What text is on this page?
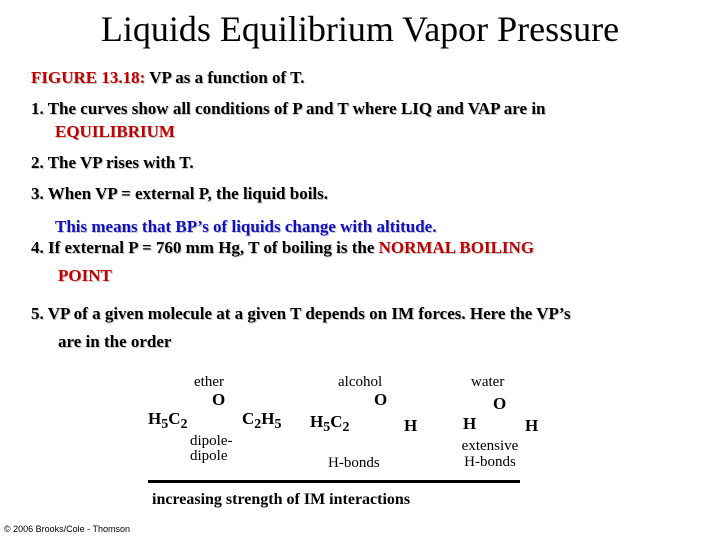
Liquids Equilibrium Vapor Pressure
FIGURE 13.18: VP as a function of T.
1. The curves show all conditions of P and T where LIQ and VAP are in
EQUILIBRIUM
2. The VP rises with T.
3. When VP = external P, the liquid boils.
This means that BP’s of liquids change with altitude.
4. If external P = 760 mm Hg, T of boiling is the NORMAL BOILING
POINT
5. VP of a given molecule at a given T depends on IM forces. Here the VP’s
are in the order
ether
O
$H_5C_2$	$C_2H_5$
dipole-
dipole
alcohol
O
$H_5C_2$	H
H-bonds
water
O
H	H
extensive
H-bonds
increasing strength of IM interactions
© 2006 Brooks/Cole - Thomson
